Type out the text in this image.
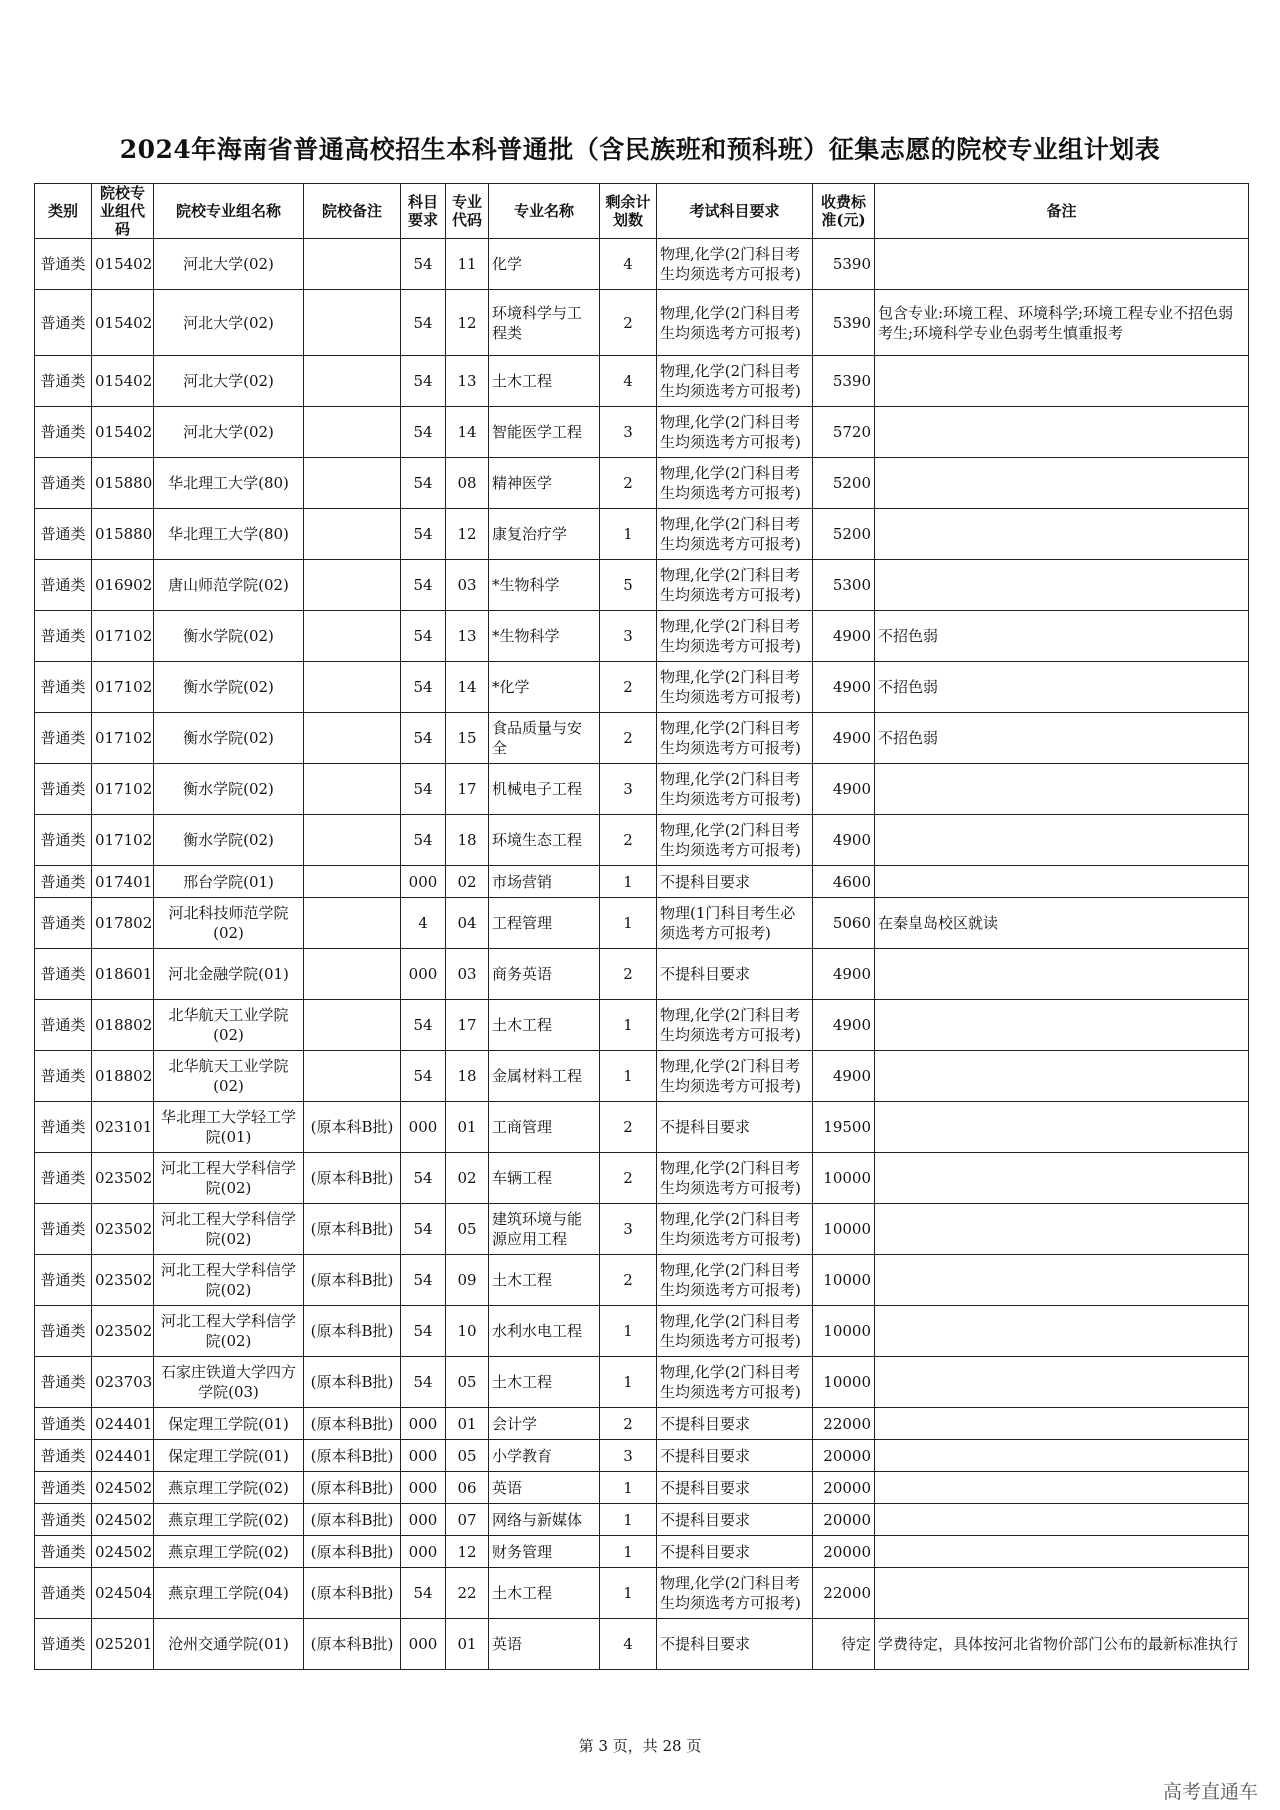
2024年海南省普通高校招生本科普通批（含民族班和预科班）征集志愿的院校专业组计划表
类别	院校专业组代码	院校专业组名称	院校备注	科目要求	专业代码	专业名称	剩余计划数	考试科目要求	收费标准(元)	备注
普通类	015402	河北大学(02)		54	11	化学	4	物理,化学(2门科目考生均须选考方可报考)	5390	
普通类	015402	河北大学(02)		54	12	环境科学与工程类	2	物理,化学(2门科目考生均须选考方可报考)	5390	包含专业:环境工程、环境科学;环境工程专业不招色弱考生;环境科学专业色弱考生慎重报考
普通类	015402	河北大学(02)		54	13	土木工程	4	物理,化学(2门科目考生均须选考方可报考)	5390	
普通类	015402	河北大学(02)		54	14	智能医学工程	3	物理,化学(2门科目考生均须选考方可报考)	5720	
普通类	015880	华北理工大学(80)		54	08	精神医学	2	物理,化学(2门科目考生均须选考方可报考)	5200	
普通类	015880	华北理工大学(80)		54	12	康复治疗学	1	物理,化学(2门科目考生均须选考方可报考)	5200	
普通类	016902	唐山师范学院(02)		54	03	*生物科学	5	物理,化学(2门科目考生均须选考方可报考)	5300	
普通类	017102	衡水学院(02)		54	13	*生物科学	3	物理,化学(2门科目考生均须选考方可报考)	4900	不招色弱
普通类	017102	衡水学院(02)		54	14	*化学	2	物理,化学(2门科目考生均须选考方可报考)	4900	不招色弱
普通类	017102	衡水学院(02)		54	15	食品质量与安全	2	物理,化学(2门科目考生均须选考方可报考)	4900	不招色弱
普通类	017102	衡水学院(02)		54	17	机械电子工程	3	物理,化学(2门科目考生均须选考方可报考)	4900	
普通类	017102	衡水学院(02)		54	18	环境生态工程	2	物理,化学(2门科目考生均须选考方可报考)	4900	
普通类	017401	邢台学院(01)		000	02	市场营销	1	不提科目要求	4600	
普通类	017802	河北科技师范学院(02)		4	04	工程管理	1	物理(1门科目考生必须选考方可报考)	5060	在秦皇岛校区就读
普通类	018601	河北金融学院(01)		000	03	商务英语	2	不提科目要求	4900	
普通类	018802	北华航天工业学院(02)		54	17	土木工程	1	物理,化学(2门科目考生均须选考方可报考)	4900	
普通类	018802	北华航天工业学院(02)		54	18	金属材料工程	1	物理,化学(2门科目考生均须选考方可报考)	4900	
普通类	023101	华北理工大学轻工学院(01)	(原本科B批)	000	01	工商管理	2	不提科目要求	19500	
普通类	023502	河北工程大学科信学院(02)	(原本科B批)	54	02	车辆工程	2	物理,化学(2门科目考生均须选考方可报考)	10000	
普通类	023502	河北工程大学科信学院(02)	(原本科B批)	54	05	建筑环境与能源应用工程	3	物理,化学(2门科目考生均须选考方可报考)	10000	
普通类	023502	河北工程大学科信学院(02)	(原本科B批)	54	09	土木工程	2	物理,化学(2门科目考生均须选考方可报考)	10000	
普通类	023502	河北工程大学科信学院(02)	(原本科B批)	54	10	水利水电工程	1	物理,化学(2门科目考生均须选考方可报考)	10000	
普通类	023703	石家庄铁道大学四方学院(03)	(原本科B批)	54	05	土木工程	1	物理,化学(2门科目考生均须选考方可报考)	10000	
普通类	024401	保定理工学院(01)	(原本科B批)	000	01	会计学	2	不提科目要求	22000	
普通类	024401	保定理工学院(01)	(原本科B批)	000	05	小学教育	3	不提科目要求	20000	
普通类	024502	燕京理工学院(02)	(原本科B批)	000	06	英语	1	不提科目要求	20000	
普通类	024502	燕京理工学院(02)	(原本科B批)	000	07	网络与新媒体	1	不提科目要求	20000	
普通类	024502	燕京理工学院(02)	(原本科B批)	000	12	财务管理	1	不提科目要求	20000	
普通类	024504	燕京理工学院(04)	(原本科B批)	54	22	土木工程	1	物理,化学(2门科目考生均须选考方可报考)	22000	
普通类	025201	沧州交通学院(01)	(原本科B批)	000	01	英语	4	不提科目要求	待定	学费待定，具体按河北省物价部门公布的最新标准执行
第 3 页，共 28 页
高考直通车
